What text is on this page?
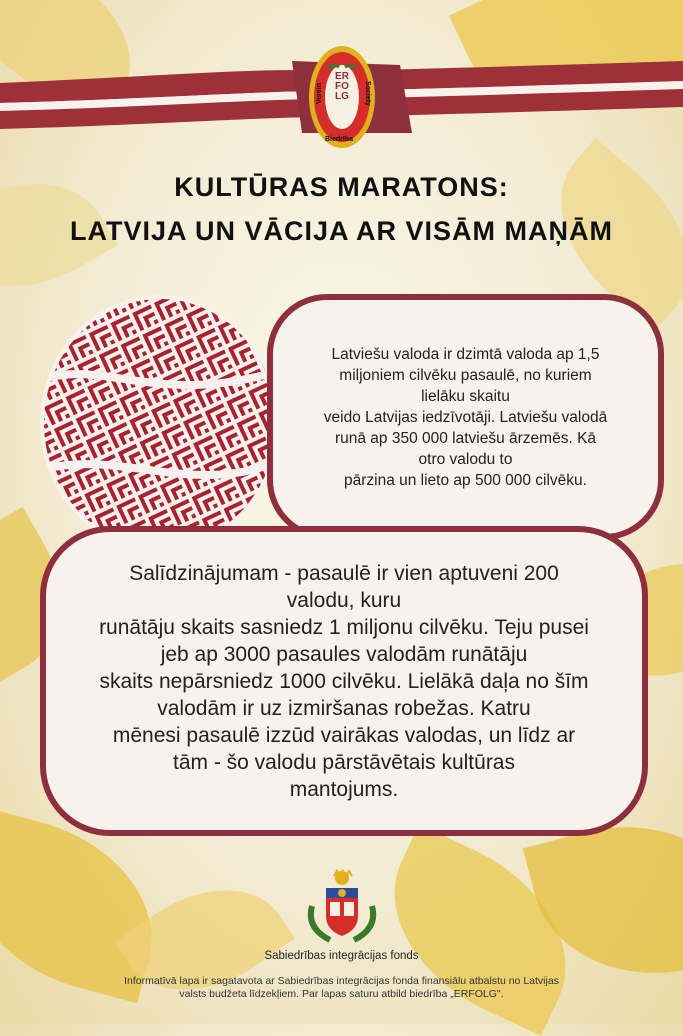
ERFOLG
Verein	Society
Biedrība
KULTŪRAS MARATONS:
LATVIJA UN VĀCIJA AR VISĀM MAŅĀM

Latviešu valoda ir dzimtā valoda ap 1,5
miljoniem cilvēku pasaulē, no kuriem
lielāku skaitu
veido Latvijas iedzīvotāji. Latviešu valodā
runā ap 350 000 latviešu ārzemēs. Kā
otro valodu to
pārzina un lieto ap 500 000 cilvēku.

Salīdzinājumam - pasaulē ir vien aptuveni 200
valodu, kuru
runātāju skaits sasniedz 1 miljonu cilvēku. Teju pusei
jeb ap 3000 pasaules valodām runātāju
skaits nepārsniedz 1000 cilvēku. Lielākā daļa no šīm
valodām ir uz izmiršanas robežas. Katru
mēnesi pasaulē izzūd vairākas valodas, un līdz ar
tām - šo valodu pārstāvētais kultūras
mantojums.

Sabiedrības integrācijas fonds
Informatīvā lapa ir sagatavota ar Sabiedrības integrācijas fonda finansiālu atbalstu no Latvijas
valsts budžeta līdzekļiem. Par lapas saturu atbild biedrība „ERFOLG".
